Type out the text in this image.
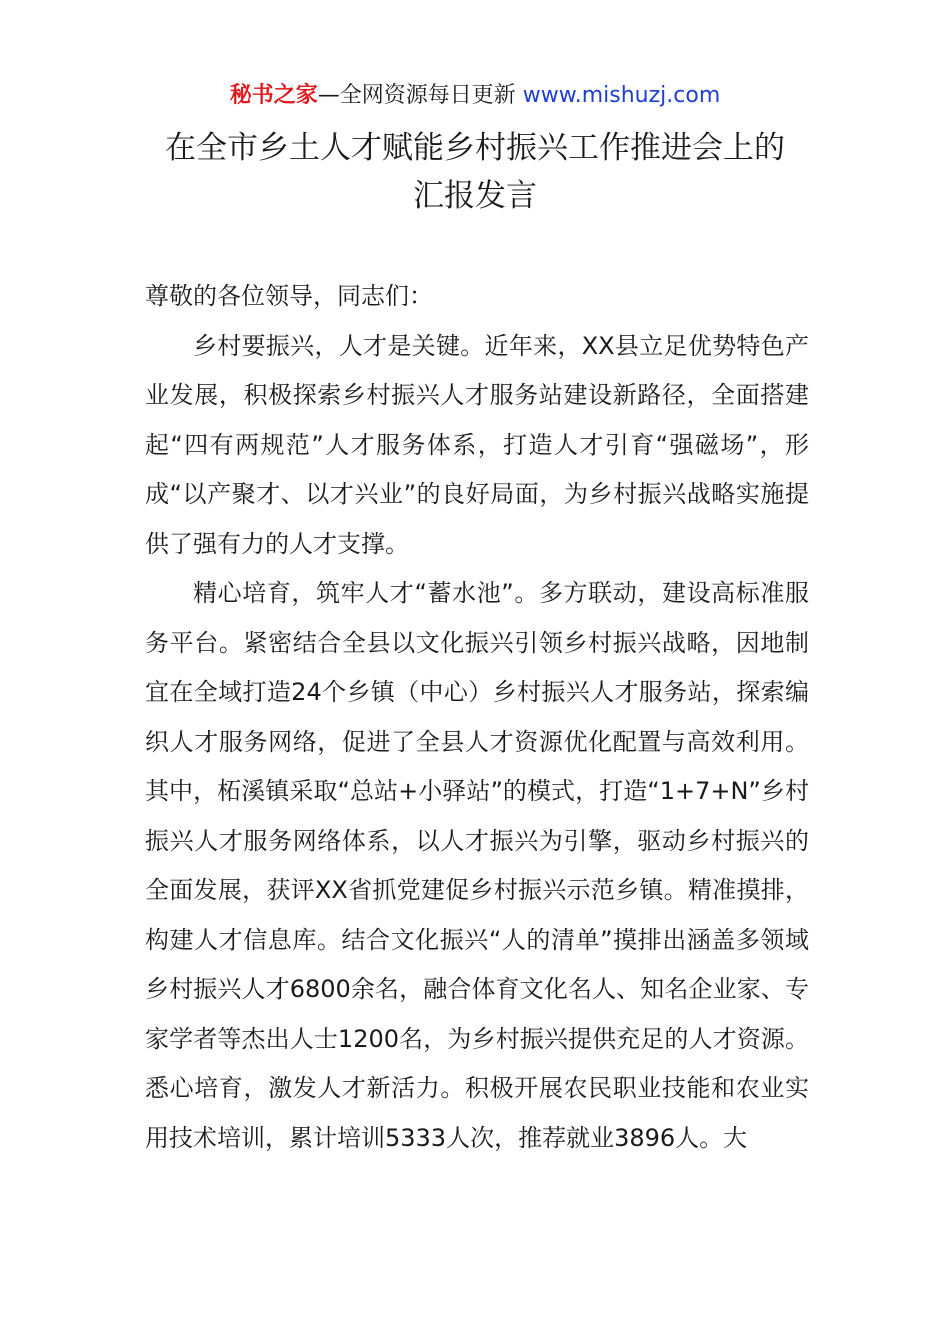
秘书之家—全网资源每日更新 www.mishuzj.com
在全市乡土人才赋能乡村振兴工作推进会上的
汇报发言

尊敬的各位领导，同志们：

乡村要振兴，人才是关键。近年来，XX县立足优势特色产业发展，积极探索乡村振兴人才服务站建设新路径，全面搭建起“四有两规范”人才服务体系，打造人才引育“强磁场”，形成“以产聚才、以才兴业”的良好局面，为乡村振兴战略实施提供了强有力的人才支撑。

精心培育，筑牢人才“蓄水池”。多方联动，建设高标准服务平台。紧密结合全县以文化振兴引领乡村振兴战略，因地制宜在全域打造24个乡镇（中心）乡村振兴人才服务站，探索编织人才服务网络，促进了全县人才资源优化配置与高效利用。其中，柘溪镇采取“总站+小驿站”的模式，打造“1+7+N”乡村振兴人才服务网络体系，以人才振兴为引擎，驱动乡村振兴的全面发展，获评XX省抓党建促乡村振兴示范乡镇。精准摸排，构建人才信息库。结合文化振兴“人的清单”摸排出涵盖多领域乡村振兴人才6800余名，融合体育文化名人、知名企业家、专家学者等杰出人士1200名，为乡村振兴提供充足的人才资源。悉心培育，激发人才新活力。积极开展农民职业技能和农业实用技术培训，累计培训5333人次，推荐就业3896人。大
